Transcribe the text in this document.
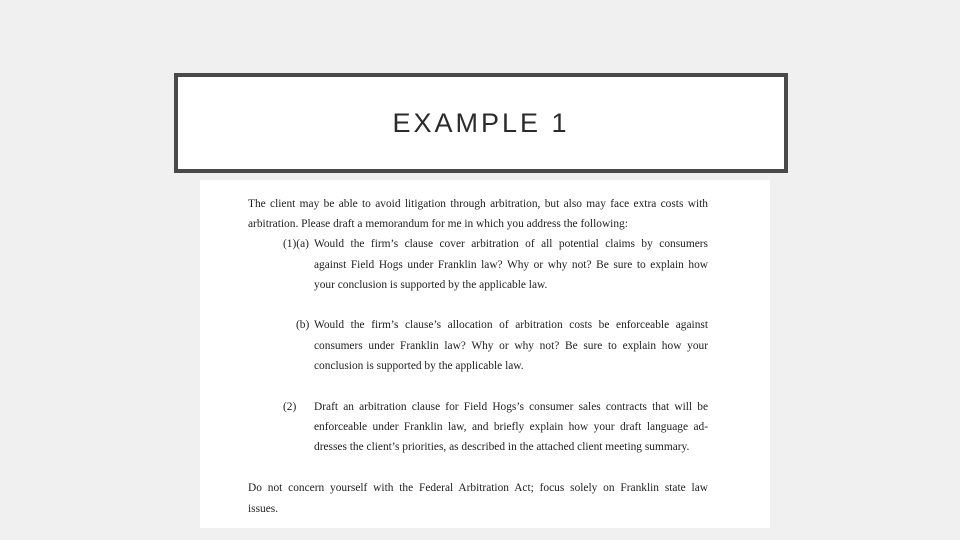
EXAMPLE 1
The client may be able to avoid litigation through arbitration, but also may face extra costs with
arbitration. Please draft a memorandum for me in which you address the following:
(1)(a) Would the firm’s clause cover arbitration of all potential claims by consumers
against Field Hogs under Franklin law? Why or why not? Be sure to explain how
your conclusion is supported by the applicable law.
(b) Would the firm’s clause’s allocation of arbitration costs be enforceable against
consumers under Franklin law? Why or why not? Be sure to explain how your
conclusion is supported by the applicable law.
(2) Draft an arbitration clause for Field Hogs’s consumer sales contracts that will be
enforceable under Franklin law, and briefly explain how your draft language ad-
dresses the client’s priorities, as described in the attached client meeting summary.
Do not concern yourself with the Federal Arbitration Act; focus solely on Franklin state law
issues.
